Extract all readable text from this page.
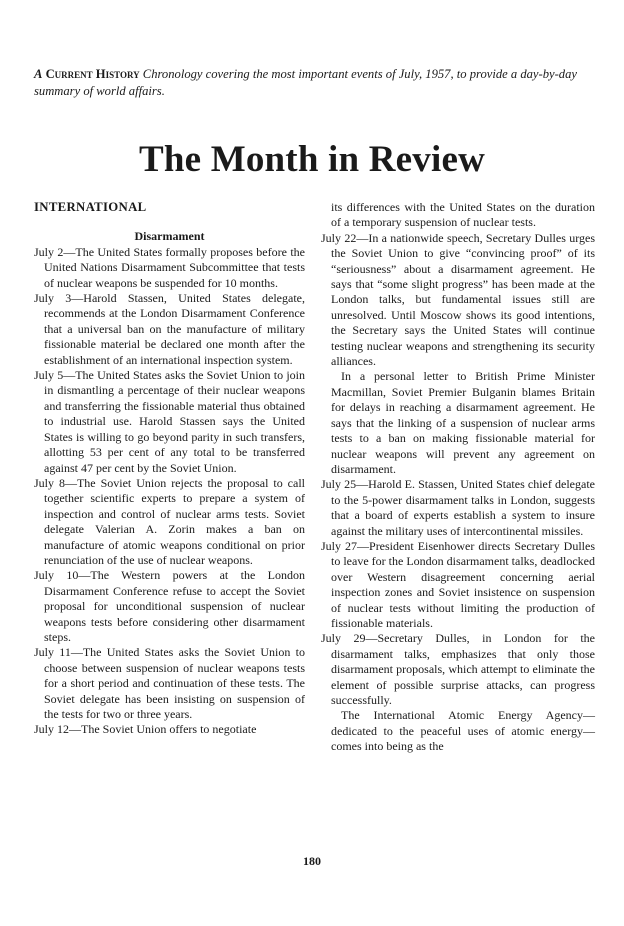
A Current History Chronology covering the most important events of July, 1957, to provide a day-by-day summary of world affairs.
The Month in Review
INTERNATIONAL
Disarmament

July 2—The United States formally proposes before the United Nations Disarmament Subcommittee that tests of nuclear weapons be suspended for 10 months.

July 3—Harold Stassen, United States delegate, recommends at the London Disarmament Conference that a universal ban on the manufacture of military fissionable material be declared one month after the establishment of an international inspection system.

July 5—The United States asks the Soviet Union to join in dismantling a percentage of their nuclear weapons and transferring the fissionable material thus obtained to industrial use. Harold Stassen says the United States is willing to go beyond parity in such transfers, allotting 53 per cent of any total to be transferred against 47 per cent by the Soviet Union.

July 8—The Soviet Union rejects the proposal to call together scientific experts to prepare a system of inspection and control of nuclear arms tests. Soviet delegate Valerian A. Zorin makes a ban on manufacture of atomic weapons conditional on prior renunciation of the use of nuclear weapons.

July 10—The Western powers at the London Disarmament Conference refuse to accept the Soviet proposal for unconditional suspension of nuclear weapons tests before considering other disarmament steps.

July 11—The United States asks the Soviet Union to choose between suspension of nuclear weapons tests for a short period and continuation of these tests. The Soviet delegate has been insisting on suspension of the tests for two or three years.

July 12—The Soviet Union offers to negotiate

its differences with the United States on the duration of a temporary suspension of nuclear tests.

July 22—In a nationwide speech, Secretary Dulles urges the Soviet Union to give “convincing proof” of its “seriousness” about a disarmament agreement. He says that “some slight progress” has been made at the London talks, but fundamental issues still are unresolved. Until Moscow shows its good intentions, the Secretary says the United States will continue testing nuclear weapons and strengthening its security alliances.

In a personal letter to British Prime Minister Macmillan, Soviet Premier Bulganin blames Britain for delays in reaching a disarmament agreement. He says that the linking of a suspension of nuclear arms tests to a ban on making fissionable material for nuclear weapons will prevent any agreement on disarmament.

July 25—Harold E. Stassen, United States chief delegate to the 5-power disarmament talks in London, suggests that a board of experts establish a system to insure against the military uses of intercontinental missiles.

July 27—President Eisenhower directs Secretary Dulles to leave for the London disarmament talks, deadlocked over Western disagreement concerning aerial inspection zones and Soviet insistence on suspension of nuclear tests without limiting the production of fissionable materials.

July 29—Secretary Dulles, in London for the disarmament talks, emphasizes that only those disarmament proposals, which attempt to eliminate the element of possible surprise attacks, can progress successfully.

The International Atomic Energy Agency—dedicated to the peaceful uses of atomic energy—comes into being as the

180
